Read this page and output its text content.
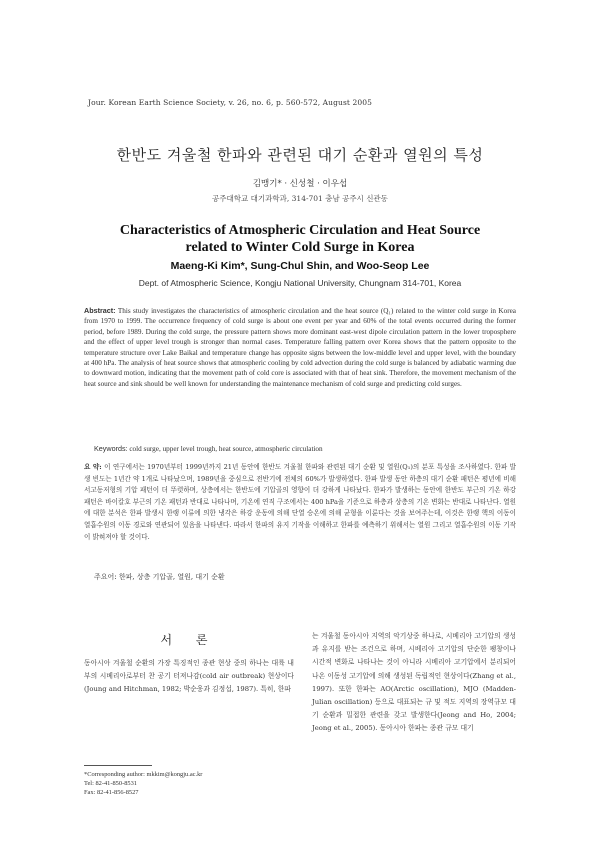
Jour. Korean Earth Science Society, v. 26, no. 6, p. 560-572, August 2005
한반도 겨울철 한파와 관련된 대기 순환과 열원의 특성
김맹기* · 신성철 · 이우섭
공주대학교 대기과학과, 314-701 충남 공주시 신관동
Characteristics of Atmospheric Circulation and Heat Source
related to Winter Cold Surge in Korea
Maeng-Ki Kim*, Sung-Chul Shin, and Woo-Seop Lee
Dept. of Atmospheric Science, Kongju National University, Chungnam 314-701, Korea
Abstract: This study investigates the characteristics of atmospheric circulation and the heat source (Q₁) related to the winter cold surge in Korea from 1970 to 1999. The occurrence frequency of cold surge is about one event per year and 60% of the total events occurred during the former period, before 1989. During the cold surge, the pressure pattern shows more dominant east-west dipole circulation pattern in the lower troposphere and the effect of upper level trough is stronger than normal cases. Temperature falling pattern over Korea shows that the pattern opposite to the temperature structure over Lake Baikal and temperature change has opposite signs between the low-middle level and upper level, with the boundary at 400 hPa. The analysis of heat source shows that atmospheric cooling by cold advection during the cold surge is balanced by adiabatic warming due to downward motion, indicating that the movement path of cold core is associated with that of heat sink. Therefore, the movement mechanism of the heat source and sink should be well known for understanding the maintenance mechanism of cold surge and predicting cold surges.
Keywords: cold surge, upper level trough, heat source, atmospheric circulation
요 약: 이 연구에서는 1970년부터 1999년까지 21년 동안에 한반도 겨울철 한파와 관련된 대기 순환 및 열원(Q₁)의 분포 특성을 조사하였다. 한파 발생 빈도는 1년간 약 1개로 나타났으며, 1989년을 중심으로 전반기에 전체의 60%가 발생하였다. 한파 발생 동안 하층의 대기 순환 패턴은 평년에 비해 서고동저형의 기압 패턴이 더 뚜렷하며, 상층에서는 한반도에 기압골의 영향이 더 강하게 나타났다. 한파가 발생하는 동안에 한반도 부근의 기온 하강 패턴은 바이칼호 부근의 기온 패턴과 반대로 나타나며, 기온에 연직 구조에서는 400 hPa을 기준으로 하층과 상층의 기온 변화는 반대로 나타난다. 열원에 대한 분석은 한파 발생시 한랭 이류에 의한 냉각은 하강 운동에 의해 단열 승온에 의해 균형을 이룬다는 것을 보여주는데, 이것은 한랭 핵의 이동이 열흡수원의 이동 경로와 연관되어 있음을 나타낸다. 따라서 한파의 유지 기작을 이해하고 한파를 예측하기 위해서는 열원 그리고 열흡수원의 이동 기작이 밝혀져야 할 것이다.
주요어: 한파, 상층 기압골, 열원, 대기 순환
서 론
동아시아 겨울철 순환의 가장 특징적인 종관 현상 중의 하나는 대륙 내부의 시베리아로부터 찬 공기 터져나감(cold air outbreak) 현상이다(Joung and Hitchman, 1982; 박순웅과 김정섭, 1987). 특히, 한파
는 겨울철 동아시아 지역의 악기상중 하나로, 시베리아 고기압의 생성과 유지를 받는 조건으로 하며, 시베리아 고기압의 단순한 팽창이나 시간적 변화로 나타나는 것이 아니라 시베리아 고기압에서 분리되어 나온 이동성 고기압에 의해 생성된 독립적인 현상이다(Zhang et al., 1997). 또한 한파는 AO(Arctic oscillation), MJO (Madden-Julian oscillation) 등으로 대표되는 규 및 적도 지역의 장역규모 대기 순환과 밀접한 관련을 갖고 발생한다(Jeong and Ho, 2004; Jeong et al., 2005). 동아시아 한파는 종관 규모 대기
*Corresponding author: mkkim@kongju.ac.kr
Tel: 82-41-850-8531
Fax: 82-41-856-8527
